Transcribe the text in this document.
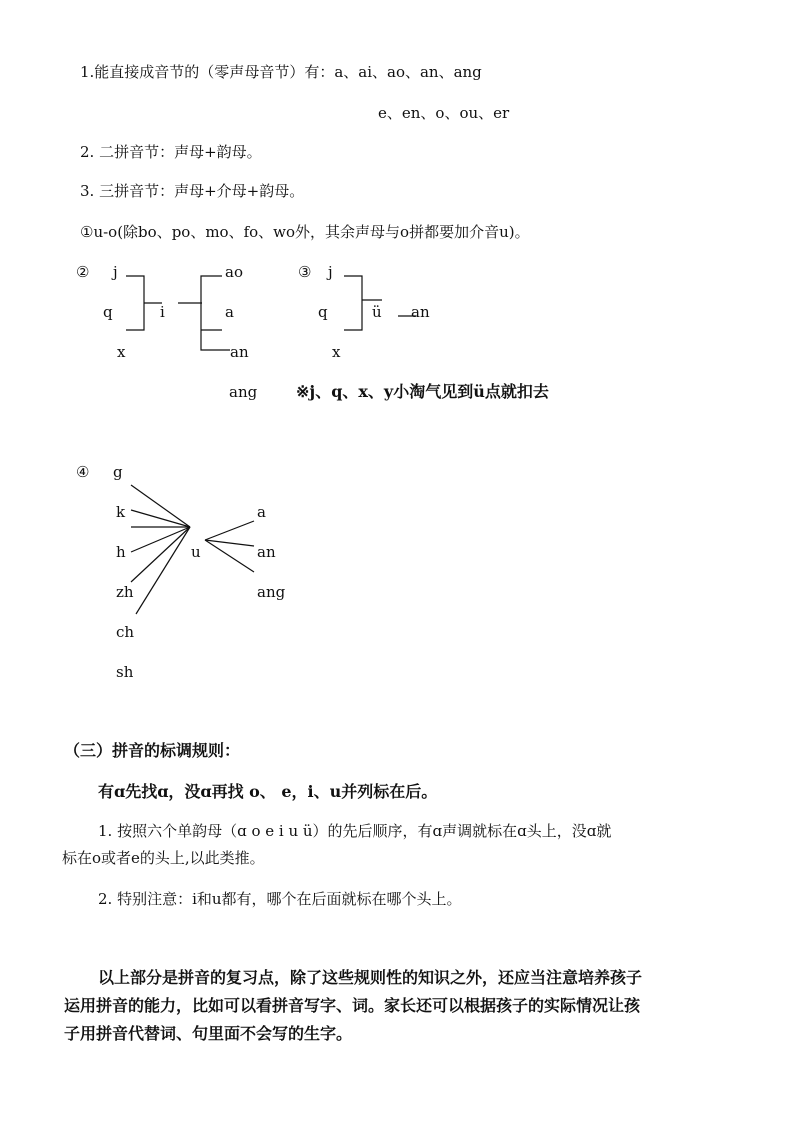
1.能直接成音节的（零声母音节）有：a、ai、ao、an、ang
e、en、o、ou、er
2. 二拼音节：声母+韵母。
3. 三拼音节：声母+介母+韵母。
①u-o(除bo、po、mo、fo、wo外，其余声母与o拼都要加介音u)。
② j
q
x
i
ao
a
an
ang
③ j
q
x
ü an
※j、q、x、y小淘气见到ü点就扣去
④ g
k
h
zh
ch
sh
u
a
an
ang
（三）拼音的标调规则：
有ɑ先找ɑ，没ɑ再找 o、 e，i、u并列标在后。
1. 按照六个单韵母（ɑ o e i u ü）的先后顺序，有ɑ声调就标在ɑ头上，没ɑ就
标在o或者e的头上,以此类推。
2. 特别注意：i和u都有，哪个在后面就标在哪个头上。
以上部分是拼音的复习点，除了这些规则性的知识之外，还应当注意培养孩子
运用拼音的能力，比如可以看拼音写字、词。家长还可以根据孩子的实际情况让孩
子用拼音代替词、句里面不会写的生字。
